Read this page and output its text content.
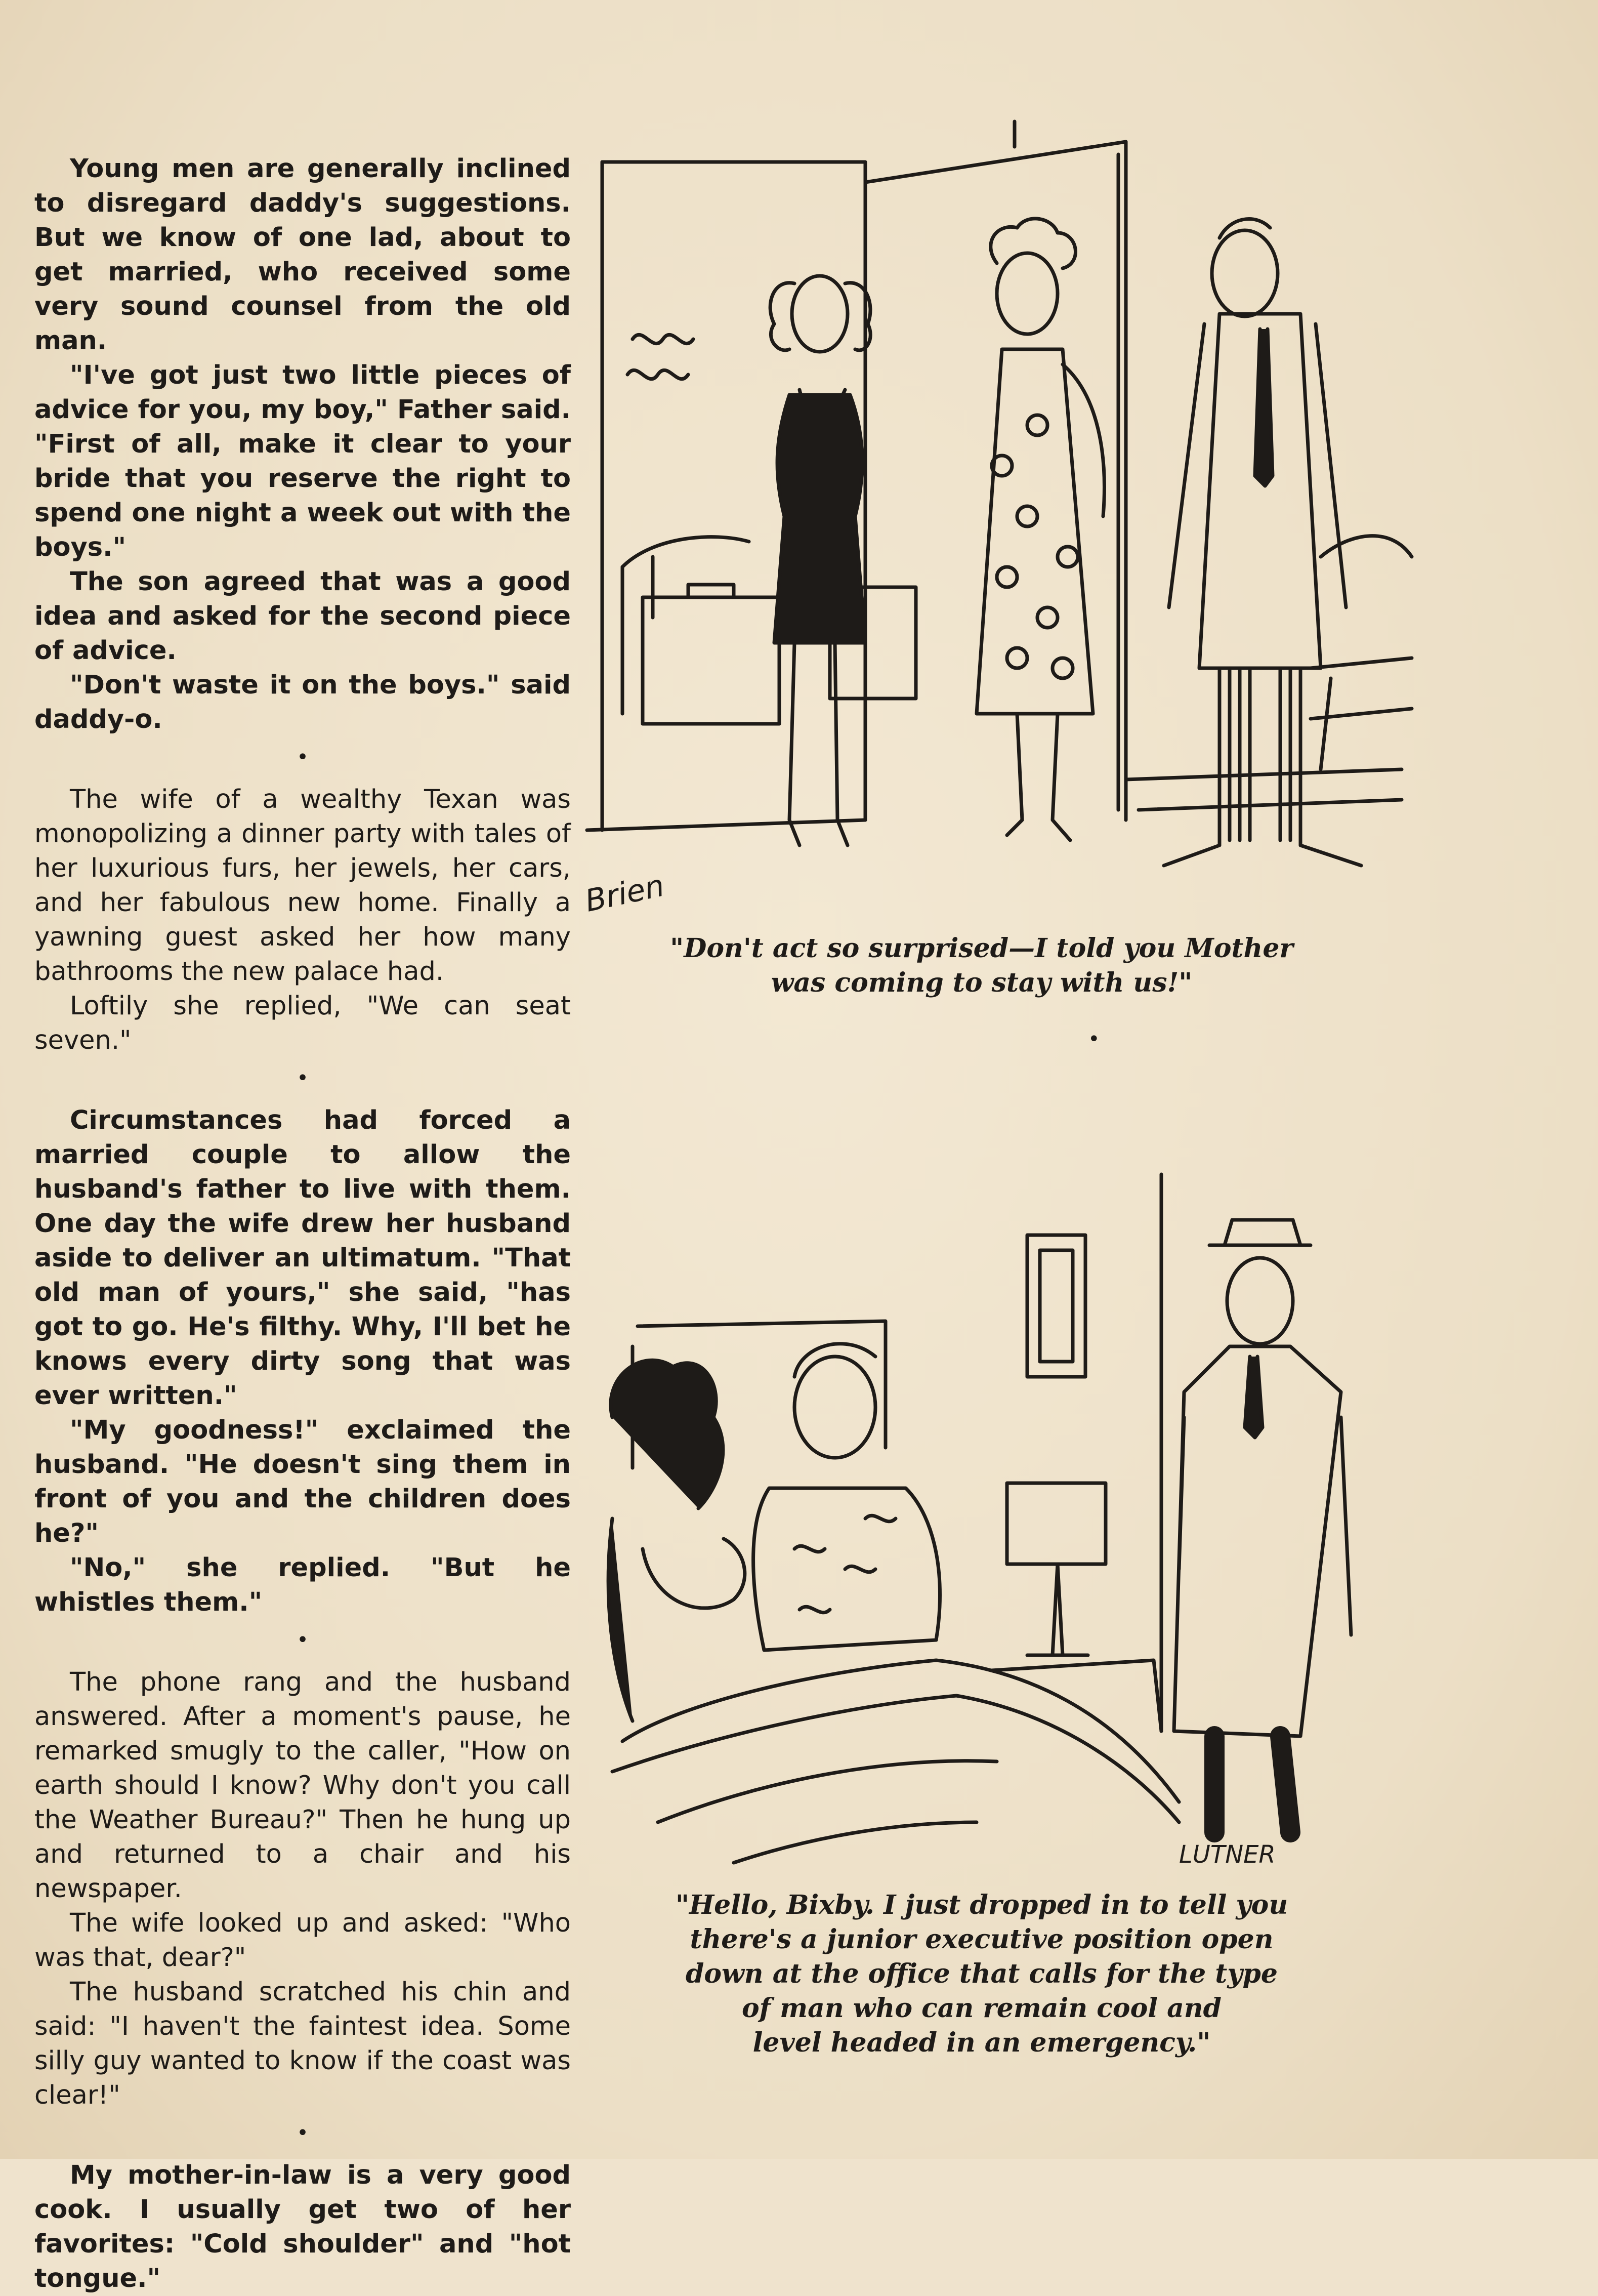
Young men are generally inclined to disregard daddy's suggestions. But we know of one lad, about to get married, who received some very sound counsel from the old man.

"I've got just two little pieces of advice for you, my boy," Father said. "First of all, make it clear to your bride that you reserve the right to spend one night a week out with the boys."

The son agreed that was a good idea and asked for the second piece of advice.

"Don't waste it on the boys." said daddy-o.

•

The wife of a wealthy Texan was monopolizing a dinner party with tales of her luxurious furs, her jewels, her cars, and her fabulous new home. Finally a yawning guest asked her how many bathrooms the new palace had.

Loftily she replied, "We can seat seven."

•

Circumstances had forced a married couple to allow the husband's father to live with them. One day the wife drew her husband aside to deliver an ultimatum. "That old man of yours," she said, "has got to go. He's filthy. Why, I'll bet he knows every dirty song that was ever written."

"My goodness!" exclaimed the husband. "He doesn't sing them in front of you and the children does he?"

"No," she replied. "But he whistles them."

•

The phone rang and the husband answered. After a moment's pause, he remarked smugly to the caller, "How on earth should I know? Why don't you call the Weather Bureau?" Then he hung up and returned to a chair and his newspaper.

The wife looked up and asked: "Who was that, dear?"

The husband scratched his chin and said: "I haven't the faintest idea. Some silly guy wanted to know if the coast was clear!"

•

My mother-in-law is a very good cook. I usually get two of her favorites: "Cold shoulder" and "hot tongue."

Brien
"Don't act so surprised—I told you Mother
was coming to stay with us!"
LUTNER
"Hello, Bixby. I just dropped in to tell you
there's a junior executive position open
down at the office that calls for the type
of man who can remain cool and
level headed in an emergency."
•
